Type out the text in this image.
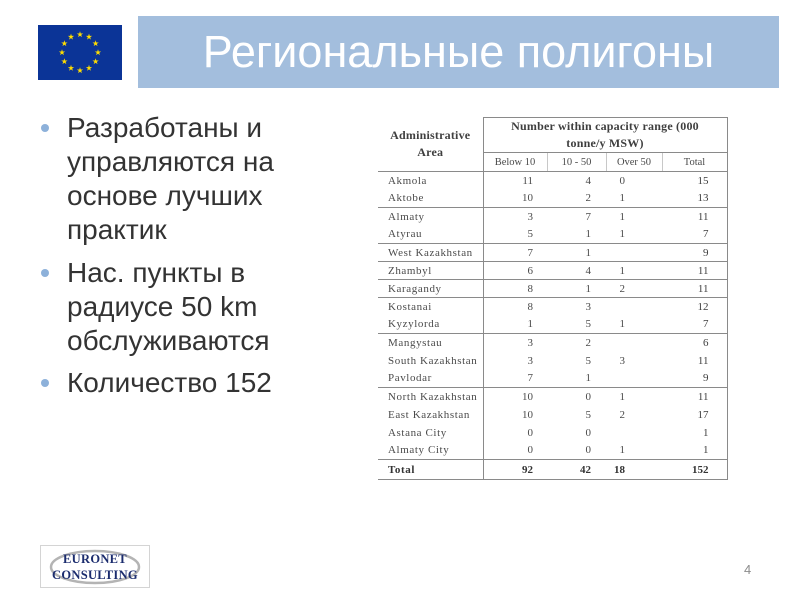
Региональные полигоны
Разработаны и управляются на основе лучших практик
Нас. пункты в радиусе 50 km обслуживаются
Количество 152
Administrative Area	Number within capacity range (000 tonne/y MSW)			

	Below 10	10 - 50	Over 50	Total
Akmola	11	4	0	15
Aktobe	10	2	1	13
Almaty	3	7	1	11
Atyrau	5	1	1	7
West Kazakhstan	7	1		9
Zhambyl	6	4	1	11
Karagandy	8	1	2	11
Kostanai	8	3		12
Kyzylorda	1	5	1	7
Mangystau	3	2		6
South Kazakhstan	3	5	3	11
Pavlodar	7	1		9
North Kazakhstan	10	0	1	11
East Kazakhstan	10	5	2	17
Astana City	0	0		1
Almaty City	0	0	1	1
Total	92	42	18	152
EURONET
CONSULTING	4
